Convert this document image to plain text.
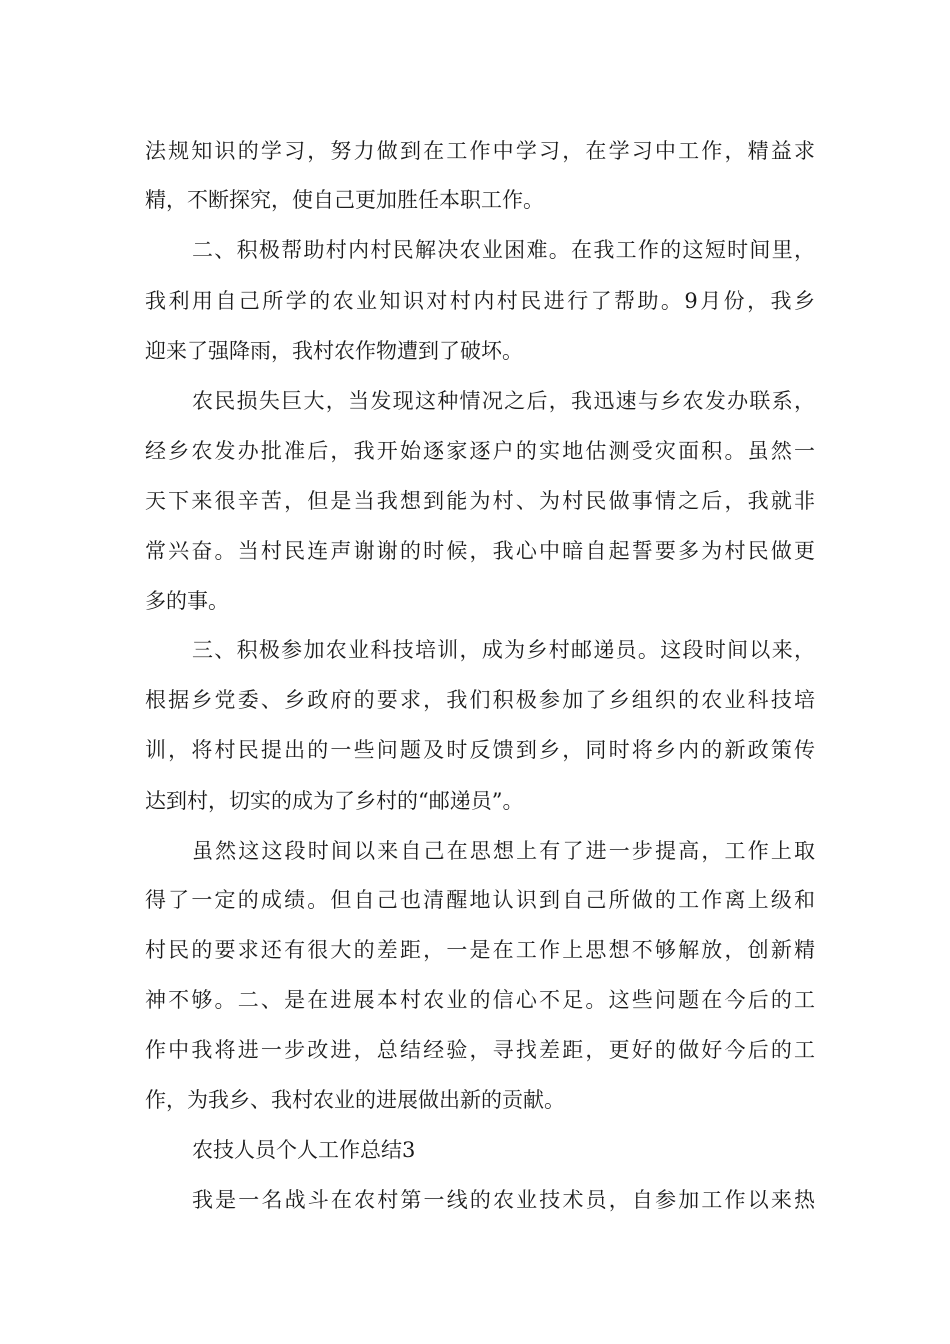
法规知识的学习，努力做到在工作中学习，在学习中工作，精益求

精，不断探究，使自己更加胜任本职工作。

二、积极帮助村内村民解决农业困难。在我工作的这短时间里，

我利用自己所学的农业知识对村内村民进行了帮助。9月份，我乡

迎来了强降雨，我村农作物遭到了破坏。

农民损失巨大，当发现这种情况之后，我迅速与乡农发办联系，

经乡农发办批准后，我开始逐家逐户的实地估测受灾面积。虽然一

天下来很辛苦，但是当我想到能为村、为村民做事情之后，我就非

常兴奋。当村民连声谢谢的时候，我心中暗自起誓要多为村民做更

多的事。

三、积极参加农业科技培训，成为乡村邮递员。这段时间以来，

根据乡党委、乡政府的要求，我们积极参加了乡组织的农业科技培

训，将村民提出的一些问题及时反馈到乡，同时将乡内的新政策传

达到村，切实的成为了乡村的“邮递员”。

虽然这这段时间以来自己在思想上有了进一步提高，工作上取

得了一定的成绩。但自己也清醒地认识到自己所做的工作离上级和

村民的要求还有很大的差距，一是在工作上思想不够解放，创新精

神不够。二、是在进展本村农业的信心不足。这些问题在今后的工

作中我将进一步改进，总结经验，寻找差距，更好的做好今后的工

作，为我乡、我村农业的进展做出新的贡献。

农技人员个人工作总结3

我是一名战斗在农村第一线的农业技术员，自参加工作以来热
